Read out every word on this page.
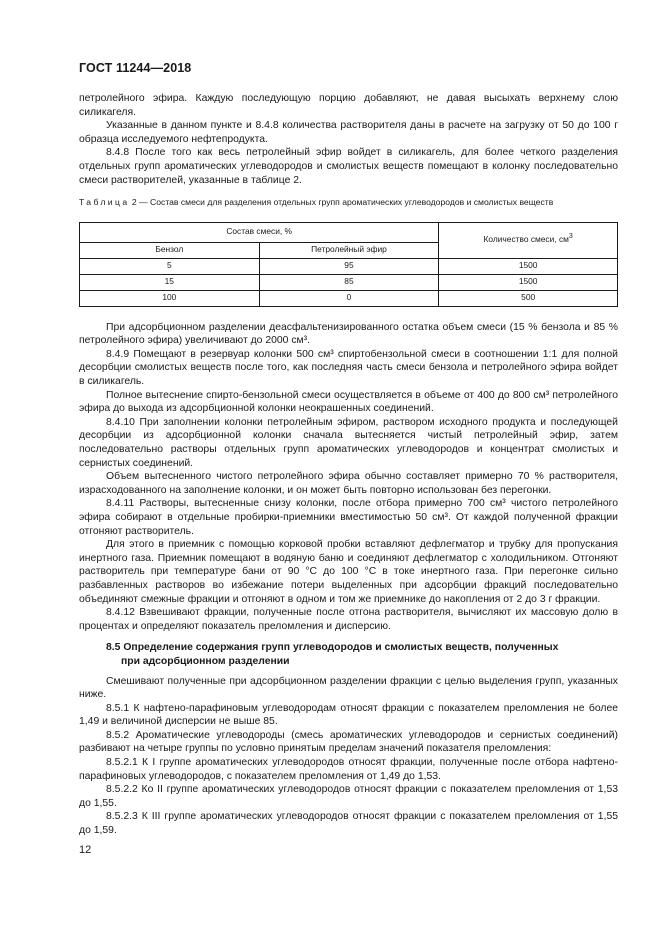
ГОСТ 11244—2018

петролейного эфира. Каждую последующую порцию добавляют, не давая высыхать верхнему слою силикагеля.

Указанные в данном пункте и 8.4.8 количества растворителя даны в расчете на загрузку от 50 до 100 г образца исследуемого нефтепродукта.

8.4.8 После того как весь петролейный эфир войдет в силикагель, для более четкого разделения отдельных групп ароматических углеводородов и смолистых веществ помещают в колонку последовательно смеси растворителей, указанные в таблице 2.

Таблица 2 — Состав смеси для разделения отдельных групп ароматических углеводородов и смолистых веществ

Состав смеси, %		Количество смеси, $см^3$
Бензол	Петролейный эфир	
5	95	1500
15	85	1500
100	0	500

При адсорбционном разделении деасфальтенизированного остатка объем смеси (15 % бензола и 85 % петролейного эфира) увеличивают до 2000 см³.

8.4.9 Помещают в резервуар колонки 500 см³ спиртобензольной смеси в соотношении 1:1 для полной десорбции смолистых веществ после того, как последняя часть смеси бензола и петролейного эфира войдет в силикагель.

Полное вытеснение спирто-бензольной смеси осуществляется в объеме от 400 до 800 см³ петролейного эфира до выхода из адсорбционной колонки неокрашенных соединений.

8.4.10 При заполнении колонки петролейным эфиром, раствором исходного продукта и последующей десорбции из адсорбционной колонки сначала вытесняется чистый петролейный эфир, затем последовательно растворы отдельных групп ароматических углеводородов и концентрат смолистых и сернистых соединений.

Объем вытесненного чистого петролейного эфира обычно составляет примерно 70 % растворителя, израсходованного на заполнение колонки, и он может быть повторно использован без перегонки.

8.4.11 Растворы, вытесненные снизу колонки, после отбора примерно 700 см³ чистого петролейного эфира собирают в отдельные пробирки-приемники вместимостью 50 см³. От каждой полученной фракции отгоняют растворитель.

Для этого в приемник с помощью корковой пробки вставляют дефлегматор и трубку для пропускания инертного газа. Приемник помещают в водяную баню и соединяют дефлегматор с холодильником. Отгоняют растворитель при температуре бани от 90 °С до 100 °С в токе инертного газа. При перегонке сильно разбавленных растворов во избежание потери выделенных при адсорбции фракций последовательно объединяют смежные фракции и отгоняют в одном и том же приемнике до накопления от 2 до 3 г фракции.

8.4.12 Взвешивают фракции, полученные после отгона растворителя, вычисляют их массовую долю в процентах и определяют показатель преломления и дисперсию.

8.5 Определение содержания групп углеводородов и смолистых веществ, полученных
при адсорбционном разделении

Смешивают полученные при адсорбционном разделении фракции с целью выделения групп, указанных ниже.

8.5.1 К нафтено-парафиновым углеводородам относят фракции с показателем преломления не более 1,49 и величиной дисперсии не выше 85.

8.5.2 Ароматические углеводороды (смесь ароматических углеводородов и сернистых соединений) разбивают на четыре группы по условно принятым пределам значений показателя преломления:

8.5.2.1 К I группе ароматических углеводородов относят фракции, полученные после отбора нафтено-парафиновых углеводородов, с показателем преломления от 1,49 до 1,53.

8.5.2.2 Ко II группе ароматических углеводородов относят фракции с показателем преломления от 1,53 до 1,55.

8.5.2.3 К III группе ароматических углеводородов относят фракции с показателем преломления от 1,55 до 1,59.

12
